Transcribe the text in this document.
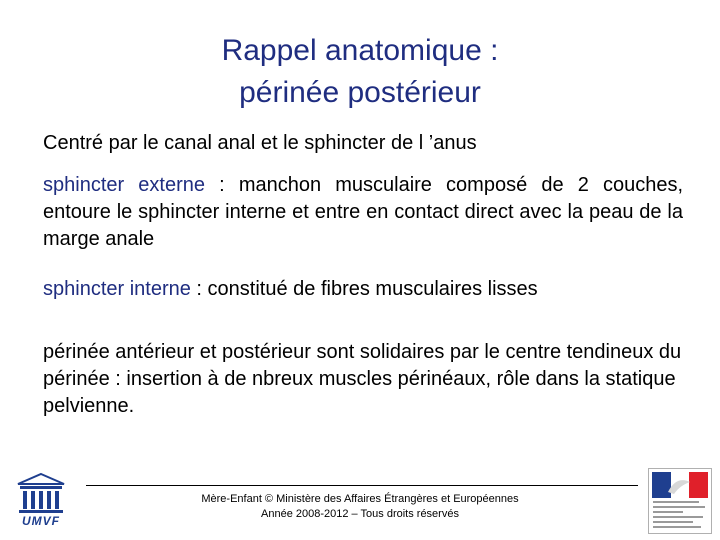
Rappel anatomique :
périnée postérieur
Centré par le canal anal et le sphincter de l ’anus
sphincter externe : manchon musculaire composé de 2 couches, entoure le sphincter interne et entre en contact direct avec la peau de la marge anale
sphincter interne : constitué de fibres musculaires lisses
périnée antérieur et postérieur sont solidaires par le centre tendineux du périnée : insertion à de nbreux muscles périnéaux, rôle dans la statique pelvienne.
UMVF
Mère-Enfant © Ministère des Affaires Étrangères et Européennes
Année 2008-2012 – Tous droits réservés
